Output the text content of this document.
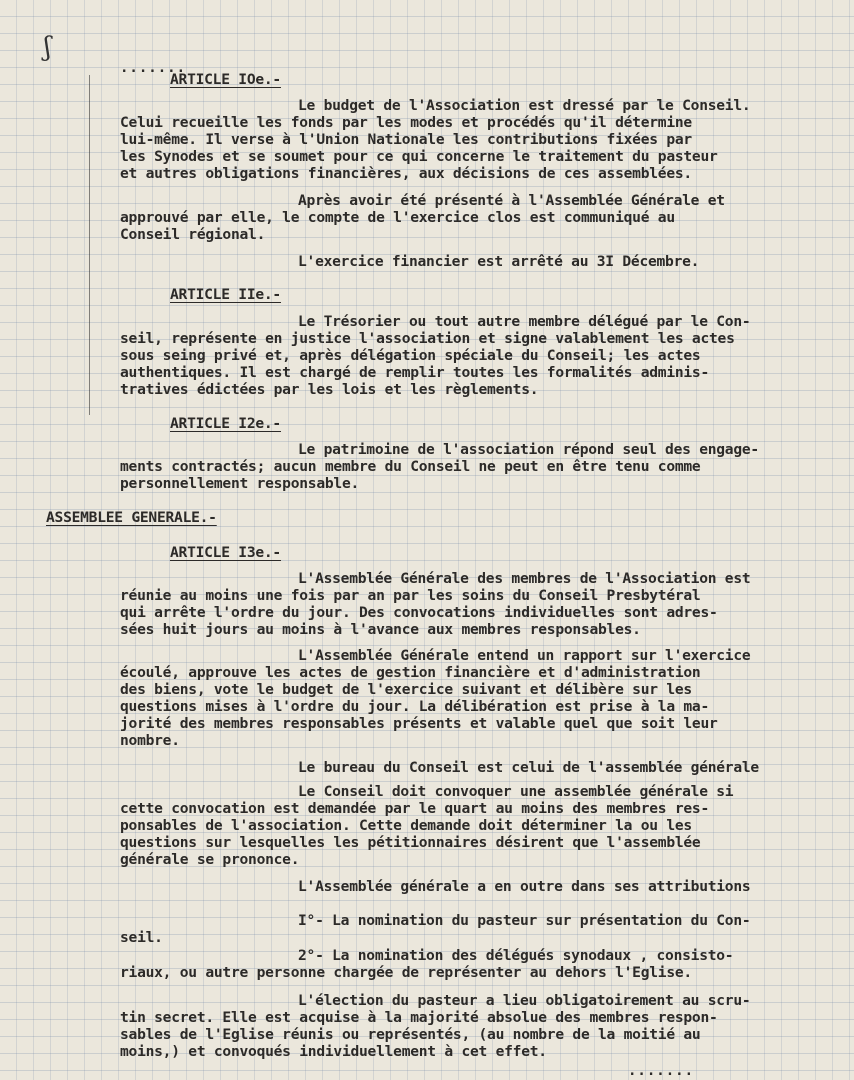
ʃ
.......
ARTICLE IOe.-
Le budget de l'Association est dressé par le Conseil.
Celui recueille les fonds par les modes et procédés qu'il détermine
lui-même. Il verse à l'Union Nationale les contributions fixées par
les Synodes et se soumet pour ce qui concerne le traitement du pasteur
et autres obligations financières, aux décisions de ces assemblées.
Après avoir été présenté à l'Assemblée Générale et
approuvé par elle, le compte de l'exercice clos est communiqué au
Conseil régional.
L'exercice financier est arrêté au 3I Décembre.
ARTICLE IIe.-
Le Trésorier ou tout autre membre délégué par le Con-
seil, représente en justice l'association et signe valablement les actes
sous seing privé et, après délégation spéciale du Conseil; les actes
authentiques. Il est chargé de remplir toutes les formalités adminis-
tratives édictées par les lois et les règlements.
ARTICLE I2e.-
Le patrimoine de l'association répond seul des engage-
ments contractés; aucun membre du Conseil ne peut en être tenu comme
personnellement responsable.
ASSEMBLEE GENERALE.-
ARTICLE I3e.-
L'Assemblée Générale des membres de l'Association est
réunie au moins une fois par an par les soins du Conseil Presbytéral
qui arrête l'ordre du jour. Des convocations individuelles sont adres-
sées huit jours au moins à l'avance aux membres responsables.
L'Assemblée Générale entend un rapport sur l'exercice
écoulé, approuve les actes de gestion financière et d'administration
des biens, vote le budget de l'exercice suivant et délibère sur les
questions mises à l'ordre du jour. La délibération est prise à la ma-
jorité des membres responsables présents et valable quel que soit leur
nombre.
Le bureau du Conseil est celui de l'assemblée générale
Le Conseil doit convoquer une assemblée générale si
cette convocation est demandée par le quart au moins des membres res-
ponsables de l'association. Cette demande doit déterminer la ou les
questions sur lesquelles les pétitionnaires désirent que l'assemblée
générale se prononce.
L'Assemblée générale a en outre dans ses attributions
I°- La nomination du pasteur sur présentation du Con-
seil.
2°- La nomination des délégués synodaux , consisto-
riaux, ou autre personne chargée de représenter au dehors l'Eglise.
L'élection du pasteur a lieu obligatoirement au scru-
tin secret. Elle est acquise à la majorité absolue des membres respon-
sables de l'Eglise réunis ou représentés, (au nombre de la moitié au
moins,) et convoqués individuellement à cet effet.
.......
